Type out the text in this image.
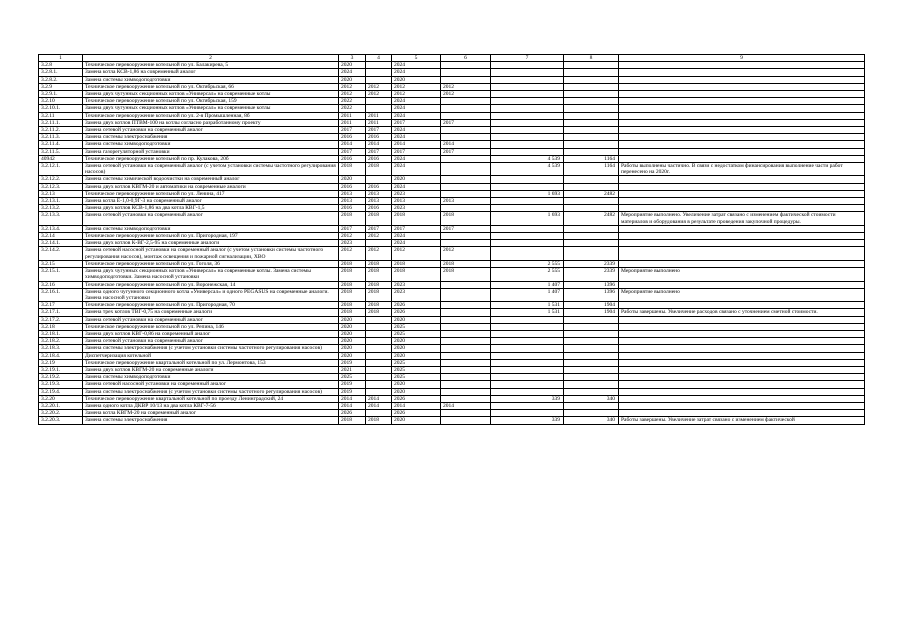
1	2	3	4	5	6	7	8	9
3.2.8	Техническое перевооружение котельной по ул. Балакирева, 5	2020		2024				
3.2.8.1.	Замена котла КСВ-1,86 на современный аналог	2024		2024				
3.2.8.2.	Замена системы химводоподготовки	2020		2020				
3.2.9	Техническое перевооружение котельной по ул. Октябрьская, 66	2012	2012	2012	2012			
3.2.9.1.	Замена двух чугунных секционных котлов «Универсал» на современные котлы	2012	2012	2012	2012			
3.2.10	Техническое перевооружение котельной по ул. Октябрьская, 159	2022		2024				
3.2.10.1.	Замена двух чугунных секционных котлов «Универсал» на современные котлы	2022		2024				
3.2.11	Техническое перевооружение котельной по ул. 2-я Промышленная, 8б	2011	2011	2024				
3.2.11.1.	Замена двух котлов ПТВМ-100 на котлы согласно разработанному проекту	2011	2011	2017	2017			
3.2.11.2.	Замена сетевой установки на современный аналог	2017	2017	2024				
3.2.11.3.	Замена системы электроснабжения	2016	2016	2024				
3.2.11.4.	Замена системы химводоподготовки	2014	2014	2014	2014			
3.2.11.5.	Замена газорегуляторной установки	2017	2017	2017	2017			
40942	Техническое перевооружение котельной по пр. Кулакова, 20б	2016	2016	2024		4 539	1164	
3.2.12.1.	Замена сетевой установки на современный аналог (с учетом установки системы частотного регулирования насосов)	2018	2018	2024		4 539	1164	Работы выполнены частично. В связи с недостатком финансирования выполнение части работ перенесено на 2020г.
3.2.12.2.	Замена системы химической водоочистки на современный аналог	2020		2020				
3.2.12.3.	Замена двух котлов КВГМ-20 и автоматики на современные аналоги	2016	2016	2024				
3.2.13	Техническое перевооружение котельной по ул. Ленина, 417	2013	2013	2023		1 693	2482	
3.2.13.1.	Замена котла Е-1,0-0,9Г-3 на современный аналог	2013	2013	2013	2013			
3.2.13.2.	Замена двух котлов КСВ-1,86 на два котла КВГ-1,5	2016	2016	2023				
3.2.13.3.	Замена сетевой установки на современный аналог	2018	2018	2018	2018	1 693	2482	Мероприятие выполнено. Увеличение затрат связано с изменением фактической стоимости материалов и оборудования в результате проведения закупочной процедуры.
3.2.13.4.	Замена системы химводоподготовки	2017	2017	2017	2017			
3.2.14	Техническое перевооружение котельной по ул. Пригородная, 197	2012	2012	2024				
3.2.14.1.	Замена двух котлов К-ВГ-2,5-95 на современные аналоги	2023		2024				
3.2.14.2.	Замена сетевой насосной установки на современный аналог (с учетом установки системы частотного регулирования насосов), монтаж освещения и пожарной сигнализации, ХВО	2012	2012	2012	2012			
3.2.15	Техническое перевооружение котельной по ул. Гоголя, 36	2018	2018	2018	2018	2 555	2339	
3.2.15.1.	Замена двух чугунных секционных котлов «Универсал» на современные котлы. Замена системы химводоподготовки. Замена насосной установки	2018	2018	2018	2018	2 555	2339	Мероприятие выполнено
3.2.16	Техническое перевооружение котельной по ул. Воронежская, 14	2018	2018	2023		1 407	1396	
3.2.16.1.	Замена одного чугунного секционного котла «Универсал» и одного PEGASUS на современные аналоги. Замена насосной установки	2018	2018	2023		1 407	1396	Мероприятие выполнено
3.2.17	Техническое перевооружение котельной по ул. Пригородная, 70	2018	2018	2026		1 531	1904	
3.2.17.1.	Замена трех котлов ТВГ-0,75 на современные аналоги	2018	2018	2026		1 531	1904	Работы завершены. Увеличение расходов связано с уточнением сметной стоимости.
3.2.17.2.	Замена сетевой установки на современный аналог	2020		2020				
3.2.18	Техническое перевооружение котельной по ул. Репина, 146	2020		2025				
3.2.18.1.	Замена двух котлов КВГ-0,86 на современный аналог	2020		2025				
3.2.18.2.	Замена сетевой установки на современный аналог	2020		2020				
3.2.18.3.	Замена системы электроснабжения (с учетом установки системы частотного регулирования насосов)	2020		2020				
3.2.18.4.	Диспетчеризация котельной	2020		2020				
3.2.19	Техническое перевооружение квартальной котельной по ул. Лермонтова, 153	2019		2025				
3.2.19.1.	Замена двух котлов КВГМ-20 на современные аналоги	2021		2025				
3.2.19.2.	Замена системы химводоподготовки	2025		2025				
3.2.19.3.	Замена сетевой насосной установки на современный аналог	2019		2020				
3.2.19.4.	Замена системы электроснабжения (с учетом установки системы частотного регулирования насосов)	2019		2020				
3.2.20	Техническое перевооружение квартальной котельной по проезду Ленинградский, 24	2014	2014	2026		339	340	
3.2.20.1.	Замена одного котла ДКВР 10/13 на два котла КВГ-7-56	2014	2014	2014	2014			
3.2.20.2.	Замена котла КВГМ-20 на современный аналог	2026		2026				
3.2.20.3.	Замена системы электроснабжения	2018	2018	2020		339	340	Работы завершены. Увеличение затрат связано с изменением фактической
